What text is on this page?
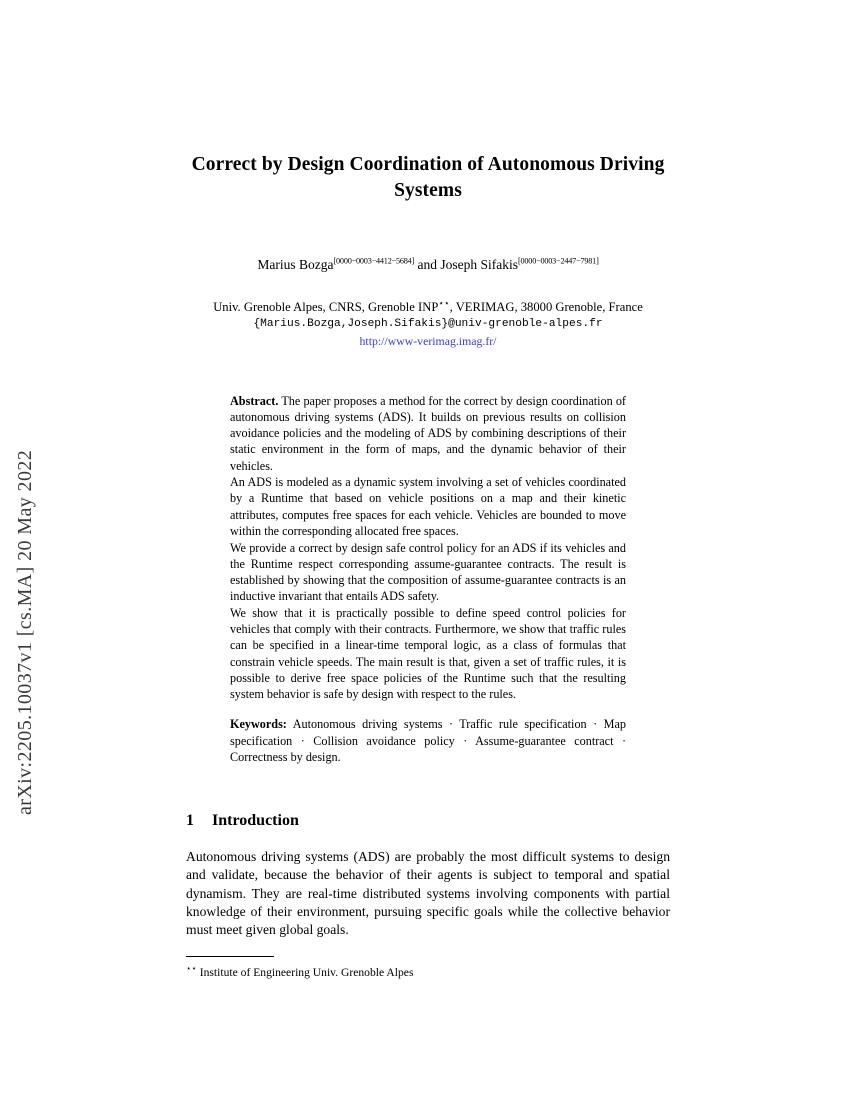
arXiv:2205.10037v1 [cs.MA] 20 May 2022
Correct by Design Coordination of Autonomous Driving Systems
Marius Bozga[0000−0003−4412−5684] and Joseph Sifakis[0000−0003−2447−7981]
Univ. Grenoble Alpes, CNRS, Grenoble INP⋆⋆, VERIMAG, 38000 Grenoble, France
{Marius.Bozga,Joseph.Sifakis}@univ-grenoble-alpes.fr
http://www-verimag.imag.fr/

Abstract. The paper proposes a method for the correct by design coordination of autonomous driving systems (ADS). It builds on previous results on collision avoidance policies and the modeling of ADS by combining descriptions of their static environment in the form of maps, and the dynamic behavior of their vehicles.

An ADS is modeled as a dynamic system involving a set of vehicles coordinated by a Runtime that based on vehicle positions on a map and their kinetic attributes, computes free spaces for each vehicle. Vehicles are bounded to move within the corresponding allocated free spaces.

We provide a correct by design safe control policy for an ADS if its vehicles and the Runtime respect corresponding assume-guarantee contracts. The result is established by showing that the composition of assume-guarantee contracts is an inductive invariant that entails ADS safety.

We show that it is practically possible to define speed control policies for vehicles that comply with their contracts. Furthermore, we show that traffic rules can be specified in a linear-time temporal logic, as a class of formulas that constrain vehicle speeds. The main result is that, given a set of traffic rules, it is possible to derive free space policies of the Runtime such that the resulting system behavior is safe by design with respect to the rules.

Keywords: Autonomous driving systems · Traffic rule specification · Map specification · Collision avoidance policy · Assume-guarantee contract · Correctness by design.
1 Introduction

Autonomous driving systems (ADS) are probably the most difficult systems to design and validate, because the behavior of their agents is subject to temporal and spatial dynamism. They are real-time distributed systems involving components with partial knowledge of their environment, pursuing specific goals while the collective behavior must meet given global goals.

⋆⋆ Institute of Engineering Univ. Grenoble Alpes
